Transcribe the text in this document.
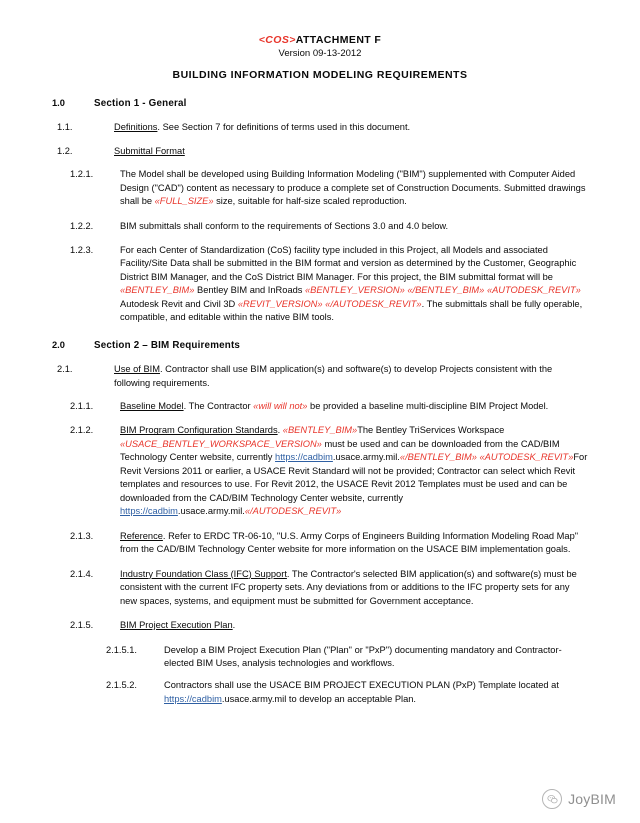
<COS>ATTACHMENT F
Version 09-13-2012
BUILDING INFORMATION MODELING REQUIREMENTS
1.0	Section 1 - General
1.1.	Definitions. See Section 7 for definitions of terms used in this document.
1.2.	Submittal Format
1.2.1.	The Model shall be developed using Building Information Modeling ("BIM") supplemented with Computer Aided Design ("CAD") content as necessary to produce a complete set of Construction Documents. Submitted drawings shall be «FULL_SIZE» size, suitable for half-size scaled reproduction.
1.2.2.	BIM submittals shall conform to the requirements of Sections 3.0 and 4.0 below.
1.2.3.	For each Center of Standardization (CoS) facility type included in this Project, all Models and associated Facility/Site Data shall be submitted in the BIM format and version as determined by the Customer, Geographic District BIM Manager, and the CoS District BIM Manager. For this project, the BIM submittal format will be «BENTLEY_BIM» Bentley BIM and InRoads «BENTLEY_VERSION» «/BENTLEY_BIM» «AUTODESK_REVIT» Autodesk Revit and Civil 3D «REVIT_VERSION» «/AUTODESK_REVIT». The submittals shall be fully operable, compatible, and editable within the native BIM tools.
2.0	Section 2 – BIM Requirements
2.1.	Use of BIM. Contractor shall use BIM application(s) and software(s) to develop Projects consistent with the following requirements.
2.1.1.	Baseline Model. The Contractor «will will not» be provided a baseline multi-discipline BIM Project Model.
2.1.2.	BIM Program Configuration Standards. «BENTLEY_BIM»The Bentley TriServices Workspace «USACE_BENTLEY_WORKSPACE_VERSION» must be used and can be downloaded from the CAD/BIM Technology Center website, currently https://cadbim.usace.army.mil.«/BENTLEY_BIM» «AUTODESK_REVIT»For Revit Versions 2011 or earlier, a USACE Revit Standard will not be provided; Contractor can select which Revit templates and resources to use. For Revit 2012, the USACE Revit 2012 Templates must be used and can be downloaded from the CAD/BIM Technology Center website, currently https://cadbim.usace.army.mil.«/AUTODESK_REVIT»
2.1.3.	Reference. Refer to ERDC TR-06-10, "U.S. Army Corps of Engineers Building Information Modeling Road Map" from the CAD/BIM Technology Center website for more information on the USACE BIM implementation goals.
2.1.4.	Industry Foundation Class (IFC) Support. The Contractor's selected BIM application(s) and software(s) must be consistent with the current IFC property sets. Any deviations from or additions to the IFC property sets for any new spaces, systems, and equipment must be submitted for Government acceptance.
2.1.5.	BIM Project Execution Plan.
2.1.5.1.	Develop a BIM Project Execution Plan ("Plan" or "PxP") documenting mandatory and Contractor-elected BIM Uses, analysis technologies and workflows.
2.1.5.2.	Contractors shall use the USACE BIM PROJECT EXECUTION PLAN (PxP) Template located at https://cadbim.usace.army.mil to develop an acceptable Plan.
JoyBIM
